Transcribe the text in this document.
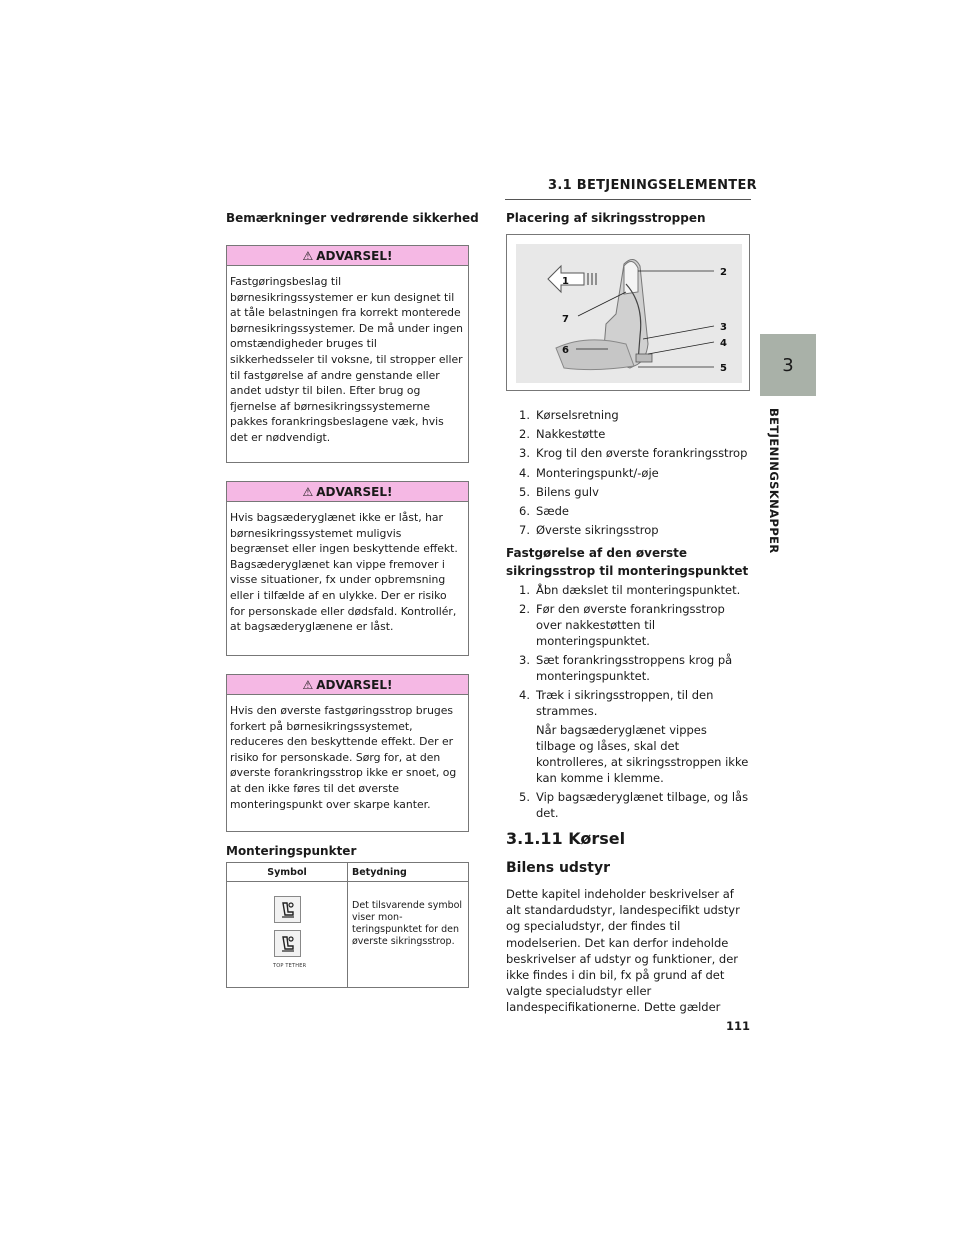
3.1 BETJENINGSELEMENTER
3
BETJENINGSKNAPPER
Bemærkninger vedrørende sikkerhed
⚠ ADVARSEL!
Fastgøringsbeslag til børnesikringssystemer er kun designet til at tåle belastningen fra korrekt monterede børnesikringssystemer. De må under ingen omstændigheder bruges til sikkerhedsseler til voksne, til stropper eller til fastgørelse af andre genstande eller andet udstyr til bilen. Efter brug og fjernelse af børnesikringssystemerne pakkes forankringsbeslagene væk, hvis det er nødvendigt.
⚠ ADVARSEL!
Hvis bagsæderyglænet ikke er låst, har børnesikringssystemet muligvis begrænset eller ingen beskyttende effekt. Bagsæderyglænet kan vippe fremover i visse situationer, fx under opbremsning eller i tilfælde af en ulykke. Der er risiko for personskade eller dødsfald. Kontrollér, at bagsæderyglænene er låst.
⚠ ADVARSEL!
Hvis den øverste fastgøringsstrop bruges forkert på børnesikringssystemet, reduceres den beskyttende effekt. Der er risiko for personskade. Sørg for, at den øverste forankringsstrop ikke er snoet, og at den ikke føres til det øverste monteringspunkt over skarpe kanter.
Monteringspunkter
Symbol	Betydning
TOP TETHER
Det tilsvarende symbol viser mon-teringspunktet for den øverste sikringsstrop.
Placering af sikringsstroppen
1
2
3
4
5
6
7
1. Kørselsretning
2. Nakkestøtte
3. Krog til den øverste forankringsstrop
4. Monteringspunkt/-øje
5. Bilens gulv
6. Sæde
7. Øverste sikringsstrop
Fastgørelse af den øverste
sikringsstrop til monteringspunktet
1. Åbn dækslet til monteringspunktet.
2. Før den øverste forankringsstrop over nakkestøtten til monteringspunktet.
3. Sæt forankringsstroppens krog på monteringspunktet.
4. Træk i sikringsstroppen, til den strammes.
Når bagsæderyglænet vippes tilbage og låses, skal det kontrolleres, at sikringsstroppen ikke kan komme i klemme.
5. Vip bagsæderyglænet tilbage, og lås det.
3.1.11 Kørsel
Bilens udstyr
Dette kapitel indeholder beskrivelser af alt standardudstyr, landespecifikt udstyr og specialudstyr, der findes til modelserien. Det kan derfor indeholde beskrivelser af udstyr og funktioner, der ikke findes i din bil, fx på grund af det valgte specialudstyr eller landespecifikationerne. Dette gælder
111
